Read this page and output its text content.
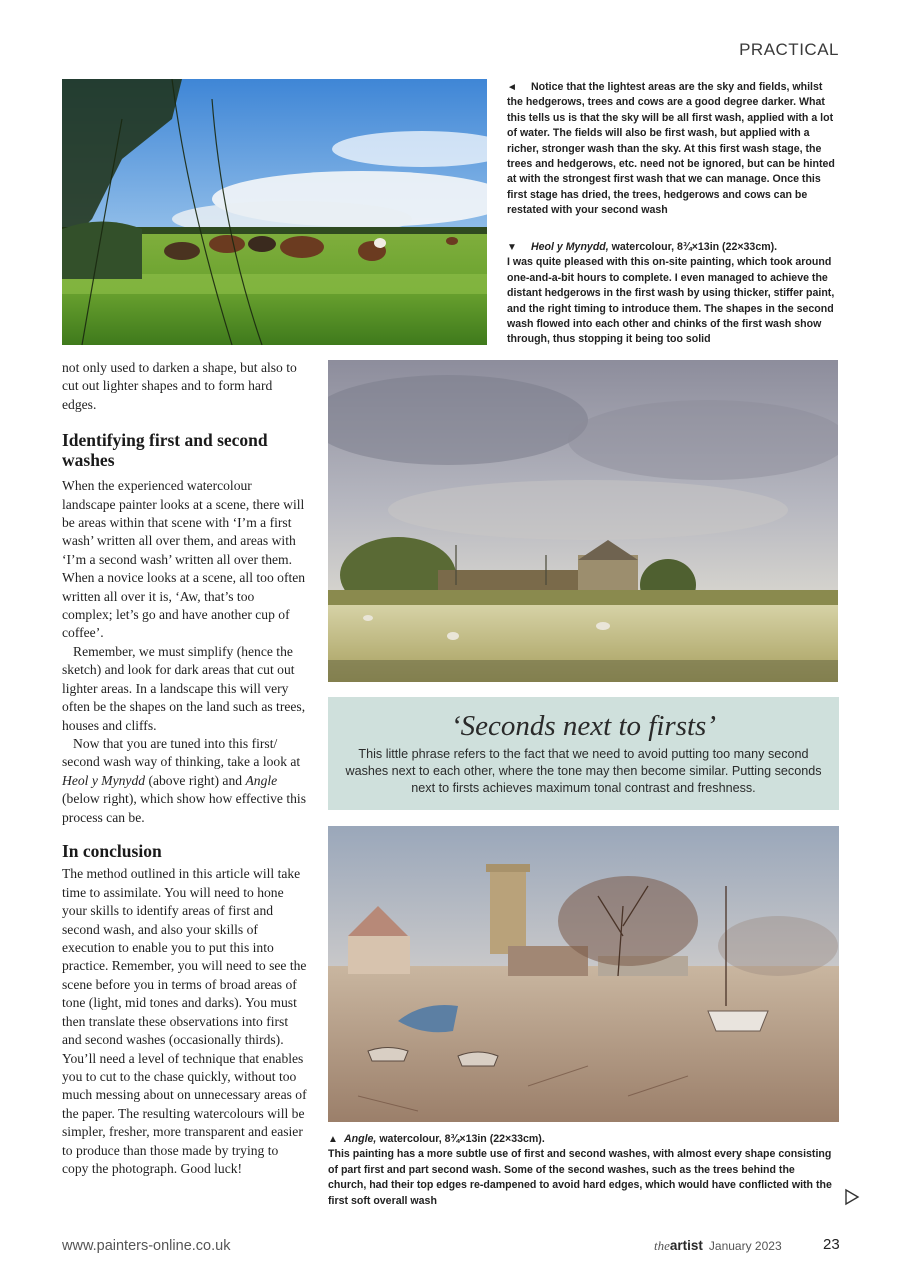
PRACTICAL
◄ Notice that the lightest areas are the sky and fields, whilst the hedgerows, trees and cows are a good degree darker. What this tells us is that the sky will be all first wash, applied with a lot of water. The fields will also be first wash, but applied with a richer, stronger wash than the sky. At this first wash stage, the trees and hedgerows, etc. need not be ignored, but can be hinted at with the strongest first wash that we can manage. Once this first stage has dried, the trees, hedgerows and cows can be restated with your second wash
▼ Heol y Mynydd, watercolour, 8¾×13in (22×33cm).
I was quite pleased with this on-site painting, which took around one-and-a-bit hours to complete. I even managed to achieve the distant hedgerows in the first wash by using thicker, stiffer paint, and the right timing to introduce them. The shapes in the second wash flowed into each other and chinks of the first wash show through, thus stopping it being too solid
‘Seconds next to firsts’

This little phrase refers to the fact that we need to avoid putting too many second washes next to each other, where the tone may then become similar. Putting seconds next to firsts achieves maximum tonal contrast and freshness.

▲ Angle, watercolour, 8¾×13in (22×33cm).
This painting has a more subtle use of first and second washes, with almost every shape consisting of part first and part second wash. Some of the second washes, such as the trees behind the church, had their top edges re-dampened to avoid hard edges, which would have conflicted with the first soft overall wash

not only used to darken a shape, but also to cut out lighter shapes and to form hard edges.

Identifying first and second washes

When the experienced watercolour landscape painter looks at a scene, there will be areas within that scene with ‘I’m a first wash’ written all over them, and areas with ‘I’m a second wash’ written all over them. When a novice looks at a scene, all too often written all over it is, ‘Aw, that’s too complex; let’s go and have another cup of coffee’.

Remember, we must simplify (hence the sketch) and look for dark areas that cut out lighter areas. In a landscape this will very often be the shapes on the land such as trees, houses and cliffs.

Now that you are tuned into this first/ second wash way of thinking, take a look at Heol y Mynydd (above right) and Angle (below right), which show how effective this process can be.

In conclusion

The method outlined in this article will take time to assimilate. You will need to hone your skills to identify areas of first and second wash, and also your skills of execution to enable you to put this into practice. Remember, you will need to see the scene before you in terms of broad areas of tone (light, mid tones and darks). You must then translate these observations into first and second washes (occasionally thirds). You’ll need a level of technique that enables you to cut to the chase quickly, without too much messing about on unnecessary areas of the paper. The resulting watercolours will be simpler, fresher, more transparent and easier to produce than those made by trying to copy the photograph. Good luck!

www.painters-online.co.uk	theartist January 2023	23
